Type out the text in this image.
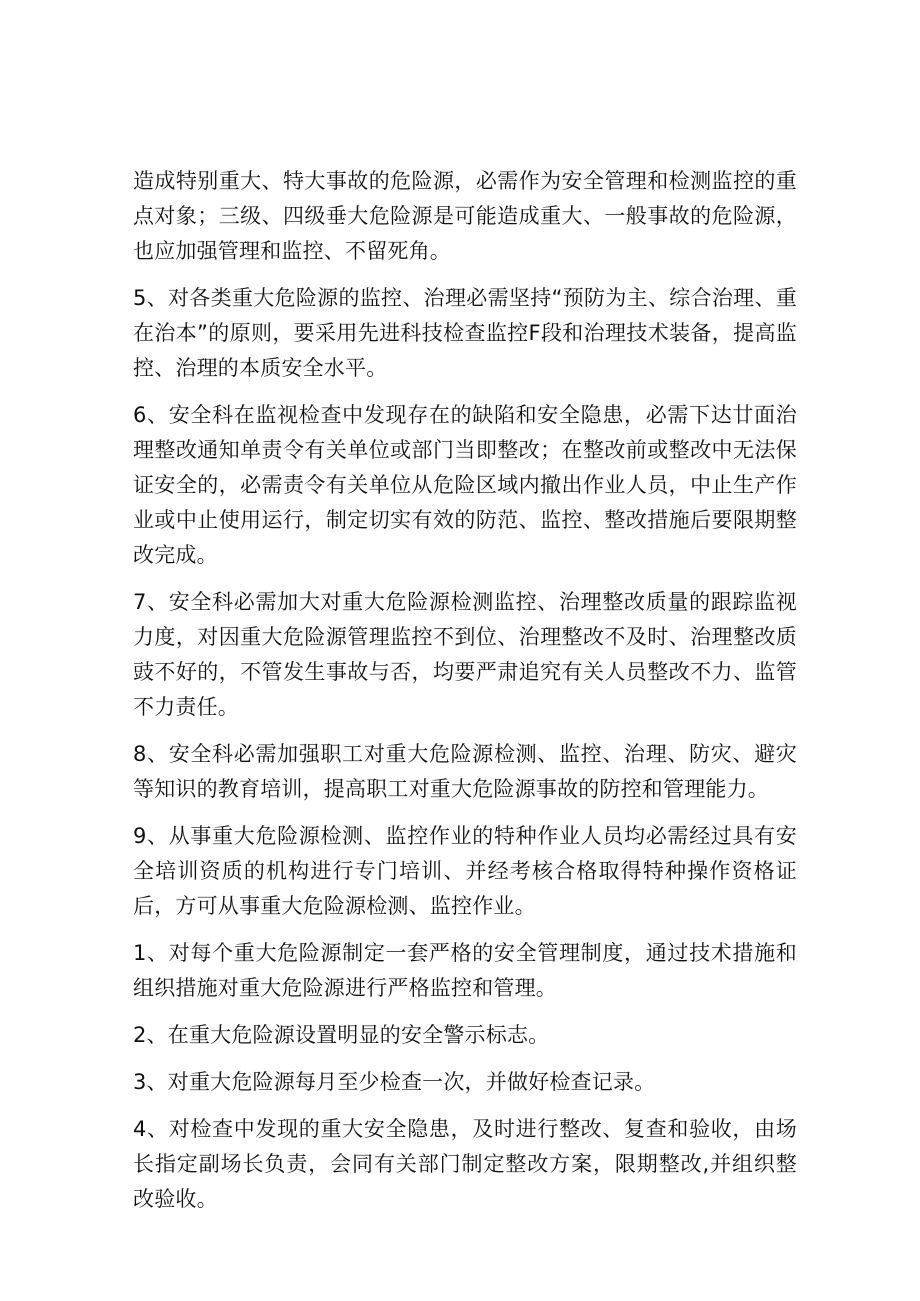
造成特别重大、特大事故的危险源，必需作为安全管理和检测监控的重点对象；三级、四级垂大危险源是可能造成重大、一般事故的危险源，也应加强管理和监控、不留死角。

5、对各类重大危险源的监控、治理必需坚持“预防为主、综合治理、重在治本”的原则，要采用先进科技检查监控F段和治理技术装备，提高监控、治理的本质安全水平。

6、安全科在监视检查中发现存在的缺陷和安全隐患，必需下达廿面治理整改通知单责令有关单位或部门当即整改；在整改前或整改中无法保证安全的，必需责令有关单位从危险区域内撤出作业人员，中止生产作业或中止使用运行，制定切实有效的防范、监控、整改措施后要限期整改完成。

7、安全科必需加大对重大危险源检测监控、治理整改质量的跟踪监视力度，对因重大危险源管理监控不到位、治理整改不及时、治理整改质豉不好的，不管发生事故与否，均要严肃追究有关人员整改不力、监管不力责任。

8、安全科必需加强职工对重大危险源检测、监控、治理、防灾、避灾等知识的教育培训，提高职工对重大危险源事故的防控和管理能力。

9、从事重大危险源检测、监控作业的特种作业人员均必需经过具有安全培训资质的机构进行专门培训、并经考核合格取得特种操作资格证后，方可从事重大危险源检测、监控作业。

1、对每个重大危险源制定一套严格的安全管理制度，通过技术措施和组织措施对重大危险源进行严格监控和管理。

2、在重大危险源设置明显的安全警示标志。

3、对重大危险源每月至少检查一次，并做好检查记录。

4、对检查中发现的重大安全隐患，及时进行整改、复查和验收，由场长指定副场长负责，会同有关部门制定整改方案，限期整改,并组织整改验收。
